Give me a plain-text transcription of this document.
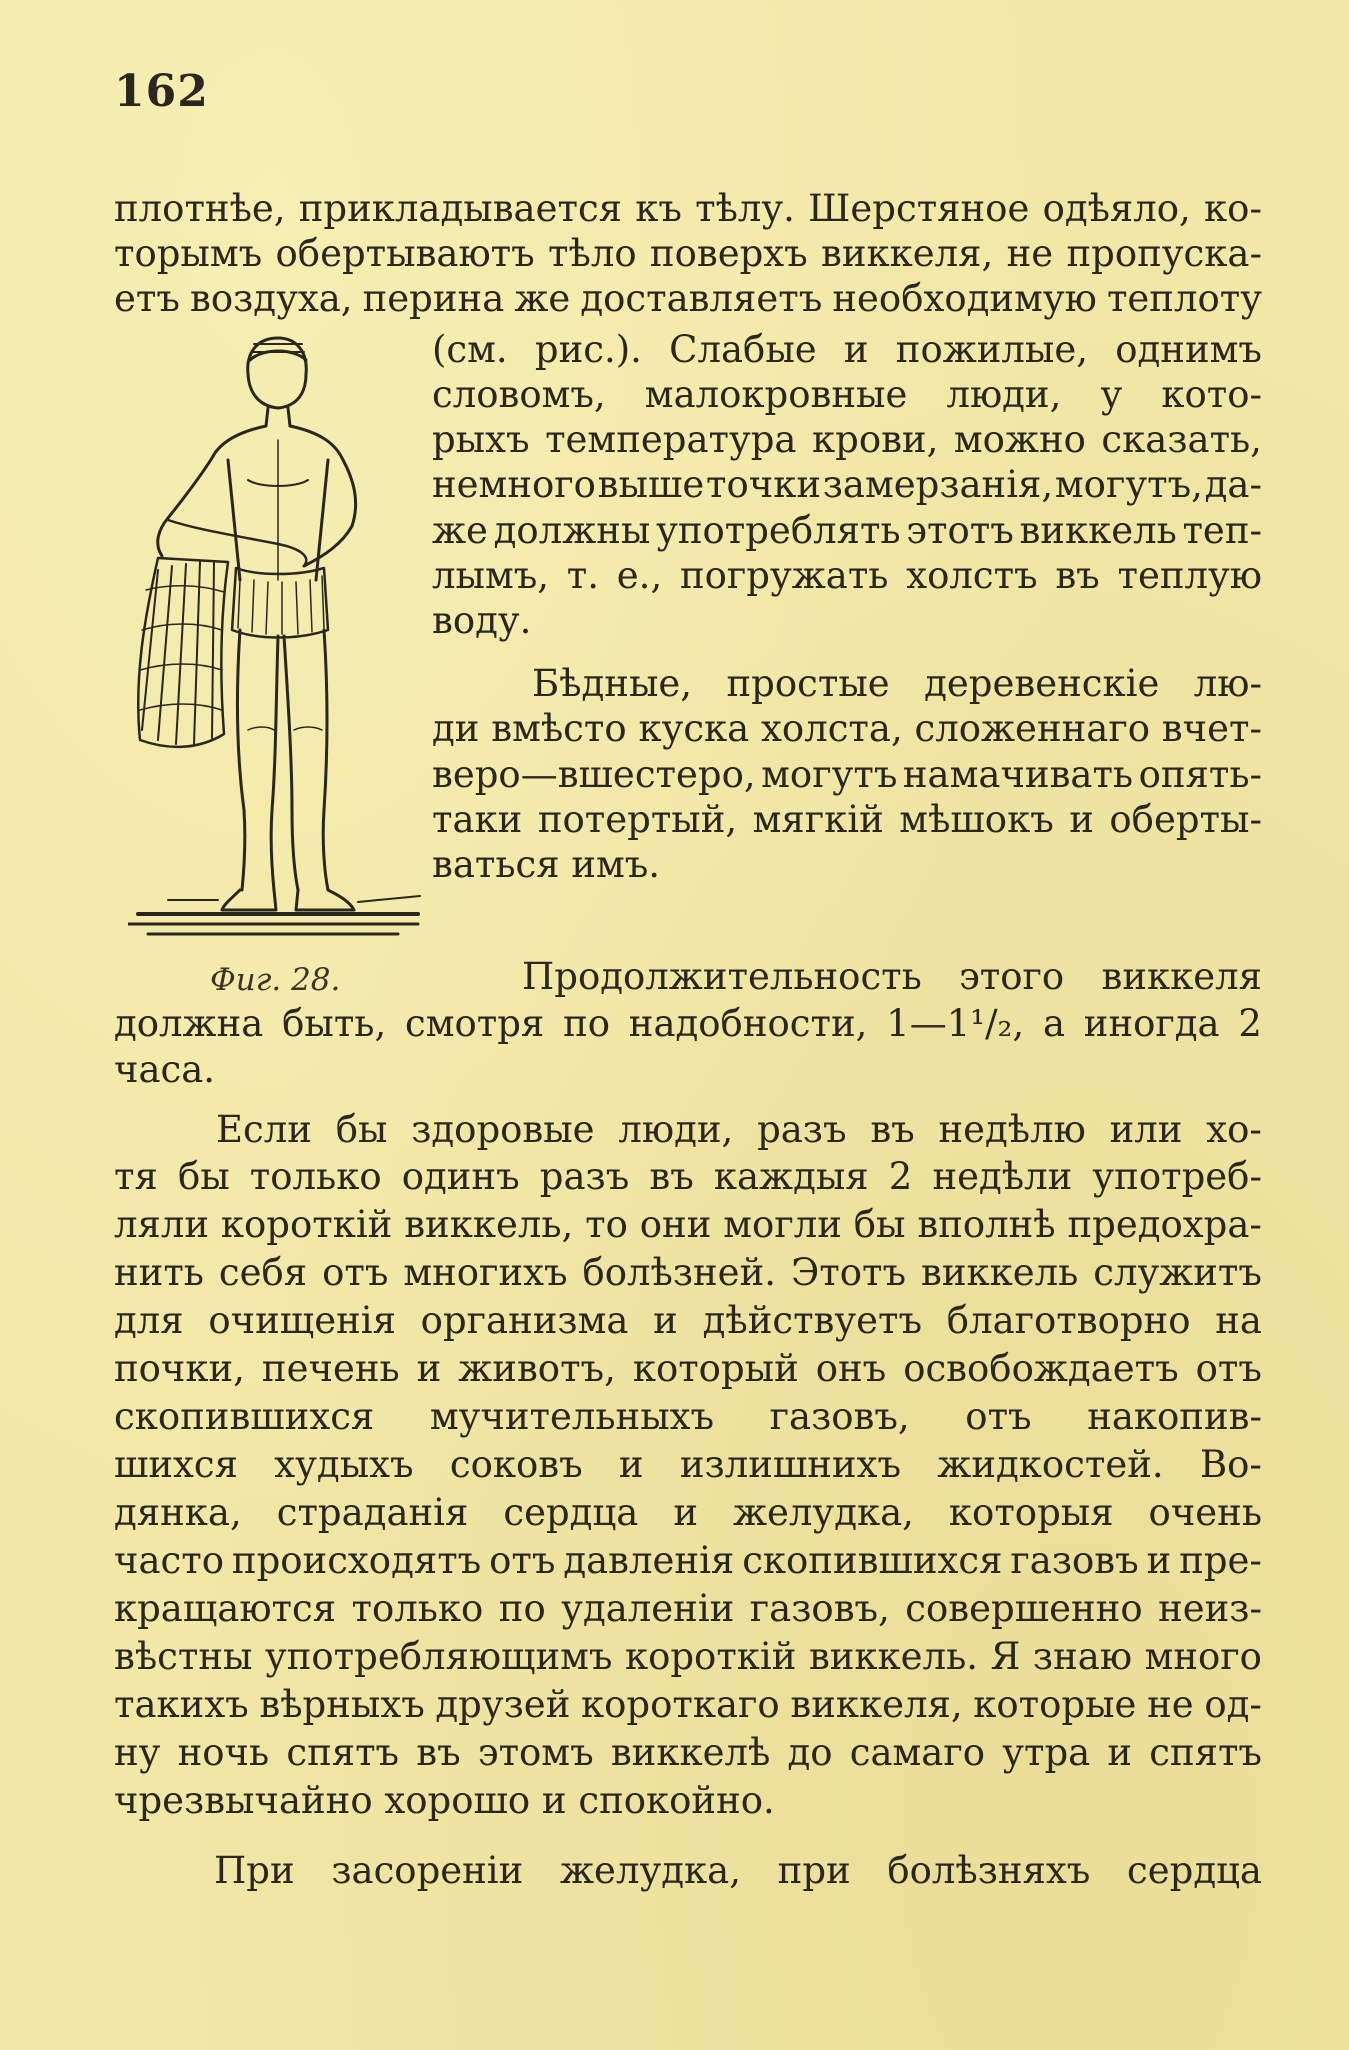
162
Фиг. 28.
плотнѣе, прикладывается къ тѣлу. Шерстяное одѣяло, ко-
торымъ обертываютъ тѣло поверхъ виккеля, не пропуска-
етъ воздуха, перина же доставляетъ необходимую теплоту
(см. рис.). Слабые и пожилые, однимъ
словомъ, малокровные люди, у кото-
рыхъ температура крови, можно сказать,
немного выше точки замерзанія, могутъ, да-
же должны употреблять этотъ виккель теп-
лымъ, т. е., погружать холстъ въ теплую
воду.
Бѣдные, простые деревенскіе лю-
ди вмѣсто куска холста, сложеннаго вчет-
веро—вшестеро, могутъ намачивать опять-
таки потертый, мягкій мѣшокъ и оберты-
ваться имъ.
Продолжительность этого виккеля
должна быть, смотря по надобности, 1—1¹/₂, а иногда 2
часа.
Если бы здоровые люди, разъ въ недѣлю или хо-
тя бы только одинъ разъ въ каждыя 2 недѣли употреб-
ляли короткій виккель, то они могли бы вполнѣ предохра-
нить себя отъ многихъ болѣзней. Этотъ виккель служитъ
для очищенія организма и дѣйствуетъ благотворно на
почки, печень и животъ, который онъ освобождаетъ отъ
скопившихся мучительныхъ газовъ, отъ накопив-
шихся худыхъ соковъ и излишнихъ жидкостей. Во-
дянка, страданія сердца и желудка, которыя очень
часто происходятъ отъ давленія скопившихся газовъ и пре-
кращаются только по удаленіи газовъ, совершенно неиз-
вѣстны употребляющимъ короткій виккель. Я знаю много
такихъ вѣрныхъ друзей короткаго виккеля, которые не од-
ну ночь спятъ въ этомъ виккелѣ до самаго утра и спятъ
чрезвычайно хорошо и спокойно.
При засореніи желудка, при болѣзняхъ сердца
